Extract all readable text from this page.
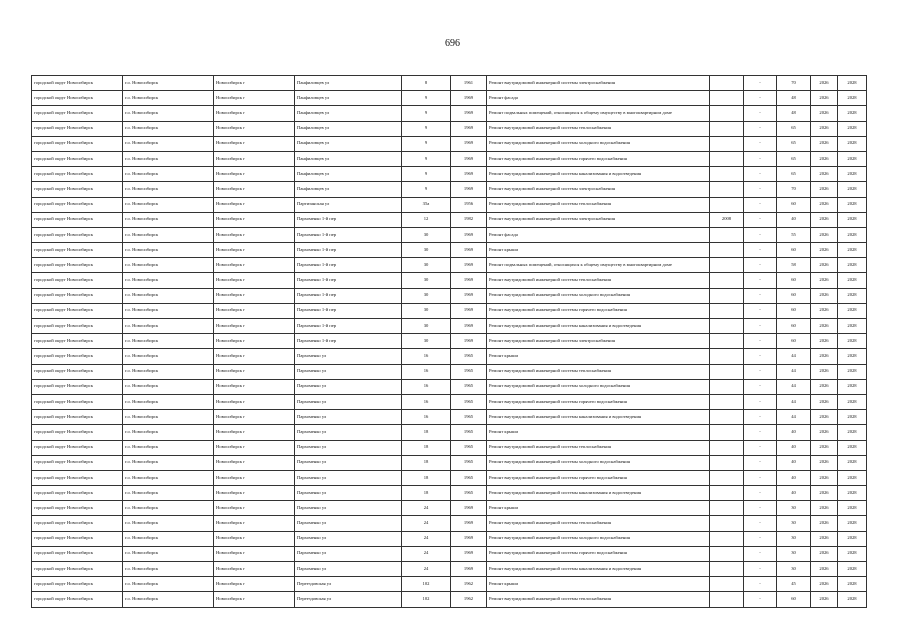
696
городской округ Новосибирск	г.о. Новосибирск	Новосибирск г	Панфиловцев ул	8	1961	Ремонт внутридомовой инженерной системы электроснабжения		-	70	2026	2028
городской округ Новосибирск	г.о. Новосибирск	Новосибирск г	Панфиловцев ул	9	1969	Ремонт фасада		-	48	2026	2028
городской округ Новосибирск	г.о. Новосибирск	Новосибирск г	Панфиловцев ул	9	1969	Ремонт подвальных помещений, относящихся к общему имуществу в многоквартирном доме		-	48	2026	2028
городской округ Новосибирск	г.о. Новосибирск	Новосибирск г	Панфиловцев ул	9	1969	Ремонт внутридомовой инженерной системы теплоснабжения		-	65	2026	2028
городской округ Новосибирск	г.о. Новосибирск	Новосибирск г	Панфиловцев ул	9	1969	Ремонт внутридомовой инженерной системы холодного водоснабжения		-	65	2026	2028
городской округ Новосибирск	г.о. Новосибирск	Новосибирск г	Панфиловцев ул	9	1969	Ремонт внутридомовой инженерной системы горячего водоснабжения		-	65	2026	2028
городской округ Новосибирск	г.о. Новосибирск	Новосибирск г	Панфиловцев ул	9	1969	Ремонт внутридомовой инженерной системы канализования и водоотведения		-	65	2026	2028
городской округ Новосибирск	г.о. Новосибирск	Новосибирск г	Панфиловцев ул	9	1969	Ремонт внутридомовой инженерной системы электроснабжения		-	70	2026	2028
городской округ Новосибирск	г.о. Новосибирск	Новосибирск г	Партизанская ул	35а	1956	Ремонт внутридомовой инженерной системы теплоснабжения		-	60	2026	2028
городской округ Новосибирск	г.о. Новосибирск	Новосибирск г	Пархоменко 1-й пер	12	1982	Ремонт внутридомовой инженерной системы электроснабжения	2008	-	40	2026	2028
городской округ Новосибирск	г.о. Новосибирск	Новосибирск г	Пархоменко 1-й пер	30	1969	Ремонт фасада		-	55	2026	2028
городской округ Новосибирск	г.о. Новосибирск	Новосибирск г	Пархоменко 1-й пер	30	1969	Ремонт крыши		-	60	2026	2028
городской округ Новосибирск	г.о. Новосибирск	Новосибирск г	Пархоменко 1-й пер	30	1969	Ремонт подвальных помещений, относящихся к общему имуществу в многоквартирном доме		-	58	2026	2028
городской округ Новосибирск	г.о. Новосибирск	Новосибирск г	Пархоменко 1-й пер	30	1969	Ремонт внутридомовой инженерной системы теплоснабжения		-	60	2026	2028
городской округ Новосибирск	г.о. Новосибирск	Новосибирск г	Пархоменко 1-й пер	30	1969	Ремонт внутридомовой инженерной системы холодного водоснабжения		-	60	2026	2028
городской округ Новосибирск	г.о. Новосибирск	Новосибирск г	Пархоменко 1-й пер	30	1969	Ремонт внутридомовой инженерной системы горячего водоснабжения		-	60	2026	2028
городской округ Новосибирск	г.о. Новосибирск	Новосибирск г	Пархоменко 1-й пер	30	1969	Ремонт внутридомовой инженерной системы канализования и водоотведения		-	60	2026	2028
городской округ Новосибирск	г.о. Новосибирск	Новосибирск г	Пархоменко 1-й пер	30	1969	Ремонт внутридомовой инженерной системы электроснабжения		-	60	2026	2028
городской округ Новосибирск	г.о. Новосибирск	Новосибирск г	Пархоменко ул	16	1965	Ремонт крыши		-	44	2026	2028
городской округ Новосибирск	г.о. Новосибирск	Новосибирск г	Пархоменко ул	16	1965	Ремонт внутридомовой инженерной системы теплоснабжения		-	44	2026	2028
городской округ Новосибирск	г.о. Новосибирск	Новосибирск г	Пархоменко ул	16	1965	Ремонт внутридомовой инженерной системы холодного водоснабжения		-	44	2026	2028
городской округ Новосибирск	г.о. Новосибирск	Новосибирск г	Пархоменко ул	16	1965	Ремонт внутридомовой инженерной системы горячего водоснабжения		-	44	2026	2028
городской округ Новосибирск	г.о. Новосибирск	Новосибирск г	Пархоменко ул	16	1965	Ремонт внутридомовой инженерной системы канализования и водоотведения		-	44	2026	2028
городской округ Новосибирск	г.о. Новосибирск	Новосибирск г	Пархоменко ул	18	1965	Ремонт крыши		-	40	2026	2028
городской округ Новосибирск	г.о. Новосибирск	Новосибирск г	Пархоменко ул	18	1965	Ремонт внутридомовой инженерной системы теплоснабжения		-	40	2026	2028
городской округ Новосибирск	г.о. Новосибирск	Новосибирск г	Пархоменко ул	18	1965	Ремонт внутридомовой инженерной системы холодного водоснабжения		-	40	2026	2028
городской округ Новосибирск	г.о. Новосибирск	Новосибирск г	Пархоменко ул	18	1965	Ремонт внутридомовой инженерной системы горячего водоснабжения		-	40	2026	2028
городской округ Новосибирск	г.о. Новосибирск	Новосибирск г	Пархоменко ул	18	1965	Ремонт внутридомовой инженерной системы канализования и водоотведения		-	40	2026	2028
городской округ Новосибирск	г.о. Новосибирск	Новосибирск г	Пархоменко ул	24	1969	Ремонт крыши		-	30	2026	2028
городской округ Новосибирск	г.о. Новосибирск	Новосибирск г	Пархоменко ул	24	1969	Ремонт внутридомовой инженерной системы теплоснабжения		-	30	2026	2028
городской округ Новосибирск	г.о. Новосибирск	Новосибирск г	Пархоменко ул	24	1969	Ремонт внутридомовой инженерной системы холодного водоснабжения		-	30	2026	2028
городской округ Новосибирск	г.о. Новосибирск	Новосибирск г	Пархоменко ул	24	1969	Ремонт внутридомовой инженерной системы горячего водоснабжения		-	30	2026	2028
городской округ Новосибирск	г.о. Новосибирск	Новосибирск г	Пархоменко ул	24	1969	Ремонт внутридомовой инженерной системы канализования и водоотведения		-	30	2026	2028
городской округ Новосибирск	г.о. Новосибирск	Новосибирск г	Переездовская ул	102	1962	Ремонт крыши		-	45	2026	2028
городской округ Новосибирск	г.о. Новосибирск	Новосибирск г	Переездовская ул	102	1962	Ремонт внутридомовой инженерной системы теплоснабжения		-	60	2026	2028
